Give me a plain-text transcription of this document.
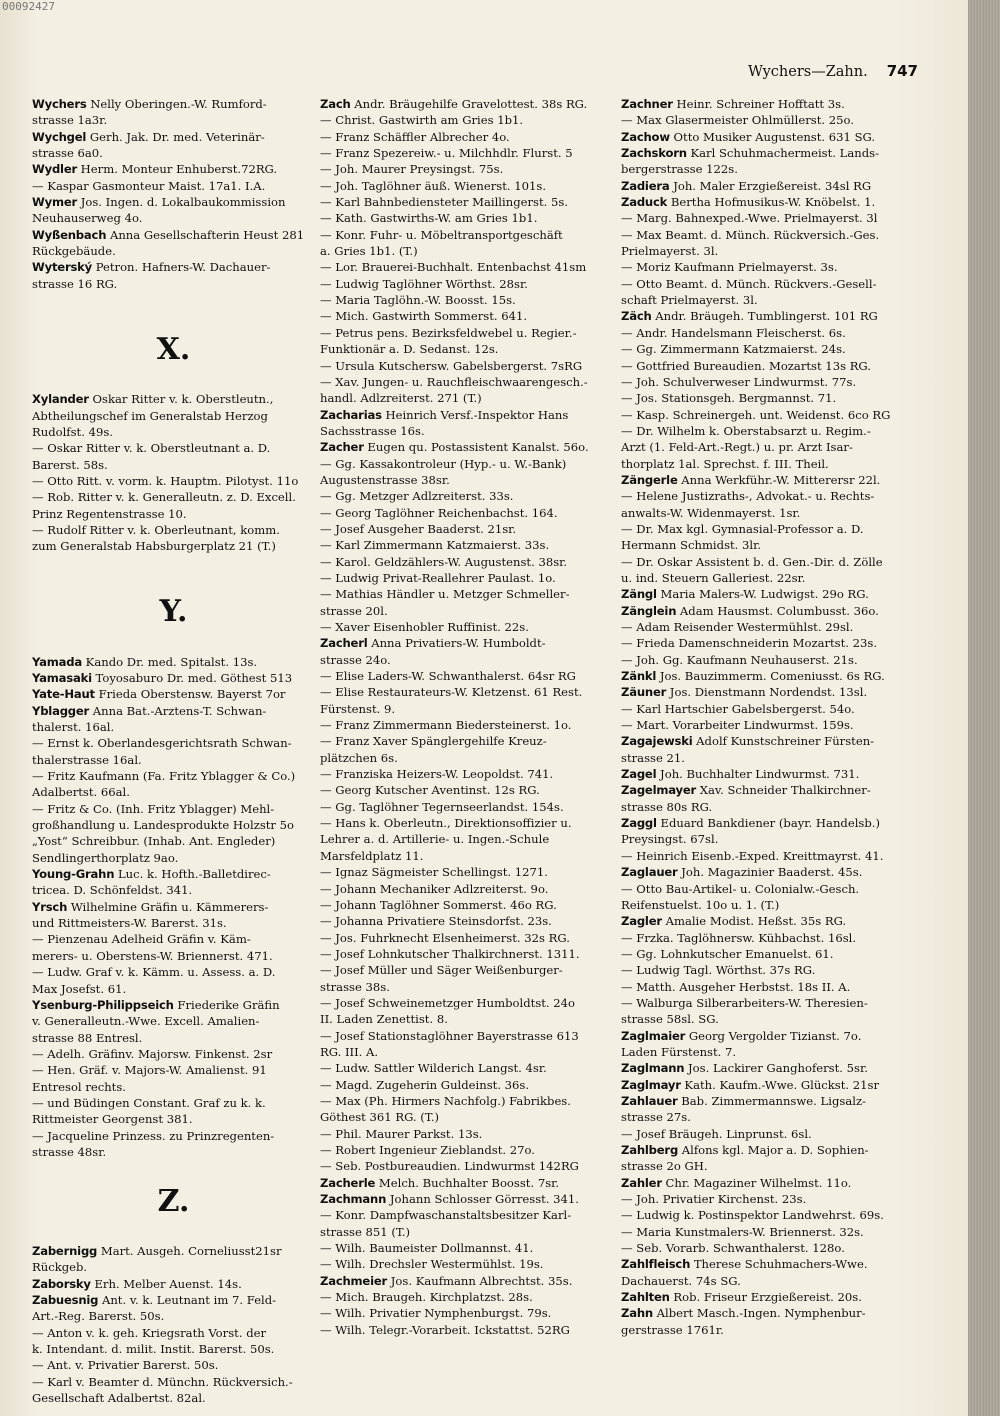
00092427
Wychers—Zahn. 747
Wychers Nelly Oberingen.-W. Rumford-
strasse 1a3r.
Wychgel Gerh. Jak. Dr. med. Veterinär-
strasse 6a0.
Wydler Herm. Monteur Enhuberst.72RG.
— Kaspar Gasmonteur Maist. 17a1. I.A.
Wymer Jos. Ingen. d. Lokalbaukommission
Neuhauserweg 4o.
Wyßenbach Anna Gesellschafterin Heust 281
Rückgebäude.
Wyterský Petron. Hafners-W. Dachauer-
strasse 16 RG.

X.

Xylander Oskar Ritter v. k. Oberstleutn.,
Abtheilungschef im Generalstab Herzog
Rudolfst. 49s.
— Oskar Ritter v. k. Oberstleutnant a. D.
Barerst. 58s.
— Otto Ritt. v. vorm. k. Hauptm. Pilotyst. 11o
— Rob. Ritter v. k. Generalleutn. z. D. Excell.
Prinz Regentenstrasse 10.
— Rudolf Ritter v. k. Oberleutnant, komm.
zum Generalstab Habsburgerplatz 21 (T.)

Y.

Yamada Kando Dr. med. Spitalst. 13s.
Yamasaki Toyosaburo Dr. med. Göthest 513
Yate-Haut Frieda Oberstensw. Bayerst 7or
Yblagger Anna Bat.-Arztens-T. Schwan-
thalerst. 16al.
— Ernst k. Oberlandesgerichtsrath Schwan-
thalerstrasse 16al.
— Fritz Kaufmann (Fa. Fritz Yblagger & Co.)
Adalbertst. 66al.
— Fritz & Co. (Inh. Fritz Yblagger) Mehl-
großhandlung u. Landesprodukte Holzstr 5o
„Yost“ Schreibbur. (Inhab. Ant. Engleder)
Sendlingerthorplatz 9ao.
Young-Grahn Luc. k. Hofth.-Balletdirec-
tricea. D. Schönfeldst. 341.
Yrsch Wilhelmine Gräfin u. Kämmerers-
und Rittmeisters-W. Barerst. 31s.
— Pienzenau Adelheid Gräfin v. Käm-
merers- u. Oberstens-W. Briennerst. 471.
— Ludw. Graf v. k. Kämm. u. Assess. a. D.
Max Josefst. 61.
Ysenburg-Philippseich Friederike Gräfin
v. Generalleutn.-Wwe. Excell. Amalien-
strasse 88 Entresl.
— Adelh. Gräfinv. Majorsw. Finkenst. 2sr
— Hen. Gräf. v. Majors-W. Amalienst. 91
Entresol rechts.
— und Büdingen Constant. Graf zu k. k.
Rittmeister Georgenst 381.
— Jacqueline Prinzess. zu Prinzregenten-
strasse 48sr.

Z.

Zabernigg Mart. Ausgeh. Corneliusst21sr
Rückgeb.
Zaborsky Erh. Melber Auenst. 14s.
Zabuesnig Ant. v. k. Leutnant im 7. Feld-
Art.-Reg. Barerst. 50s.
— Anton v. k. geh. Kriegsrath Vorst. der
k. Intendant. d. milit. Instit. Barerst. 50s.
— Ant. v. Privatier Barerst. 50s.
— Karl v. Beamter d. Münchn. Rückversich.-
Gesellschaft Adalbertst. 82al.
Zach Andr. Bräugehilfe Gravelottest. 38s RG.
— Christ. Gastwirth am Gries 1b1.
— Franz Schäffler Albrecher 4o.
— Franz Spezereiw.- u. Milchhdlr. Flurst. 5
— Joh. Maurer Preysingst. 75s.
— Joh. Taglöhner äuß. Wienerst. 101s.
— Karl Bahnbediensteter Maillingerst. 5s.
— Kath. Gastwirths-W. am Gries 1b1.
— Konr. Fuhr- u. Möbeltransportgeschäft
a. Gries 1b1. (T.)
— Lor. Brauerei-Buchhalt. Entenbachst 41sm
— Ludwig Taglöhner Wörthst. 28sr.
— Maria Taglöhn.-W. Boosst. 15s.
— Mich. Gastwirth Sommerst. 641.
— Petrus pens. Bezirksfeldwebel u. Regier.-
Funktionär a. D. Sedanst. 12s.
— Ursula Kutschersw. Gabelsbergerst. 7sRG
— Xav. Jungen- u. Rauchfleischwaarengesch.-
handl. Adlzreiterst. 271 (T.)
Zacharias Heinrich Versf.-Inspektor Hans
Sachsstrasse 16s.
Zacher Eugen qu. Postassistent Kanalst. 56o.
— Gg. Kassakontroleur (Hyp.- u. W.-Bank)
Augustenstrasse 38sr.
— Gg. Metzger Adlzreiterst. 33s.
— Georg Taglöhner Reichenbachst. 164.
— Josef Ausgeher Baaderst. 21sr.
— Karl Zimmermann Katzmaierst. 33s.
— Karol. Geldzählers-W. Augustenst. 38sr.
— Ludwig Privat-Reallehrer Paulast. 1o.
— Mathias Händler u. Metzger Schmeller-
strasse 20l.
— Xaver Eisenhobler Ruffinist. 22s.
Zacherl Anna Privatiers-W. Humboldt-
strasse 24o.
— Elise Laders-W. Schwanthalerst. 64sr RG
— Elise Restaurateurs-W. Kletzenst. 61 Rest.
Fürstenst. 9.
— Franz Zimmermann Biedersteinerst. 1o.
— Franz Xaver Spänglergehilfe Kreuz-
plätzchen 6s.
— Franziska Heizers-W. Leopoldst. 741.
— Georg Kutscher Aventinst. 12s RG.
— Gg. Taglöhner Tegernseerlandst. 154s.
— Hans k. Oberleutn., Direktionsoffizier u.
Lehrer a. d. Artillerie- u. Ingen.-Schule
Marsfeldplatz 11.
— Ignaz Sägmeister Schellingst. 1271.
— Johann Mechaniker Adlzreiterst. 9o.
— Johann Taglöhner Sommerst. 46o RG.
— Johanna Privatiere Steinsdorfst. 23s.
— Jos. Fuhrknecht Elsenheimerst. 32s RG.
— Josef Lohnkutscher Thalkirchnerst. 1311.
— Josef Müller und Säger Weißenburger-
strasse 38s.
— Josef Schweinemetzger Humboldtst. 24o
II. Laden Zenettist. 8.
— Josef Stationstaglöhner Bayerstrasse 613
RG. III. A.
— Ludw. Sattler Wilderich Langst. 4sr.
— Magd. Zugeherin Guldeinst. 36s.
— Max (Ph. Hirmers Nachfolg.) Fabrikbes.
Göthest 361 RG. (T.)
— Phil. Maurer Parkst. 13s.
— Robert Ingenieur Zieblandst. 27o.
— Seb. Postbureaudien. Lindwurmst 142RG
Zacherle Melch. Buchhalter Boosst. 7sr.
Zachmann Johann Schlosser Görresst. 341.
— Konr. Dampfwaschanstaltsbesitzer Karl-
strasse 851 (T.)
— Wilh. Baumeister Dollmannst. 41.
— Wilh. Drechsler Westermühlst. 19s.
Zachmeier Jos. Kaufmann Albrechtst. 35s.
— Mich. Braugeh. Kirchplatzst. 28s.
— Wilh. Privatier Nymphenburgst. 79s.
— Wilh. Telegr.-Vorarbeit. Ickstattst. 52RG
Zachner Heinr. Schreiner Hofftatt 3s.
— Max Glasermeister Ohlmüllerst. 25o.
Zachow Otto Musiker Augustenst. 631 SG.
Zachskorn Karl Schuhmachermeist. Lands-
bergerstrasse 122s.
Zadiera Joh. Maler Erzgießereist. 34sl RG
Zaduck Bertha Hofmusikus-W. Knöbelst. 1.
— Marg. Bahnexped.-Wwe. Prielmayerst. 3l
— Max Beamt. d. Münch. Rückversich.-Ges.
Prielmayerst. 3l.
— Moriz Kaufmann Prielmayerst. 3s.
— Otto Beamt. d. Münch. Rückvers.-Gesell-
schaft Prielmayerst. 3l.
Zäch Andr. Bräugeh. Tumblingerst. 101 RG
— Andr. Handelsmann Fleischerst. 6s.
— Gg. Zimmermann Katzmaierst. 24s.
— Gottfried Bureaudien. Mozartst 13s RG.
— Joh. Schulverweser Lindwurmst. 77s.
— Jos. Stationsgeh. Bergmannst. 71.
— Kasp. Schreinergeh. unt. Weidenst. 6co RG
— Dr. Wilhelm k. Oberstabsarzt u. Regim.-
Arzt (1. Feld-Art.-Regt.) u. pr. Arzt Isar-
thorplatz 1al. Sprechst. f. III. Theil.
Zängerle Anna Werkführ.-W. Mitterersr 22l.
— Helene Justizraths-, Advokat.- u. Rechts-
anwalts-W. Widenmayerst. 1sr.
— Dr. Max kgl. Gymnasial-Professor a. D.
Hermann Schmidst. 3lr.
— Dr. Oskar Assistent b. d. Gen.-Dir. d. Zölle
u. ind. Steuern Galleriest. 22sr.
Zängl Maria Malers-W. Ludwigst. 29o RG.
Zänglein Adam Hausmst. Columbusst. 36o.
— Adam Reisender Westermühlst. 29sl.
— Frieda Damenschneiderin Mozartst. 23s.
— Joh. Gg. Kaufmann Neuhauserst. 21s.
Zänkl Jos. Bauzimmerm. Comeniusst. 6s RG.
Zäuner Jos. Dienstmann Nordendst. 13sl.
— Karl Hartschier Gabelsbergerst. 54o.
— Mart. Vorarbeiter Lindwurmst. 159s.
Zagajewski Adolf Kunstschreiner Fürsten-
strasse 21.
Zagel Joh. Buchhalter Lindwurmst. 731.
Zagelmayer Xav. Schneider Thalkirchner-
strasse 80s RG.
Zaggl Eduard Bankdiener (bayr. Handelsb.)
Preysingst. 67sl.
— Heinrich Eisenb.-Exped. Kreittmayrst. 41.
Zaglauer Joh. Magazinier Baaderst. 45s.
— Otto Bau-Artikel- u. Colonialw.-Gesch.
Reifenstuelst. 10o u. 1. (T.)
Zagler Amalie Modist. Heßst. 35s RG.
— Frzka. Taglöhnersw. Kühbachst. 16sl.
— Gg. Lohnkutscher Emanuelst. 61.
— Ludwig Tagl. Wörthst. 37s RG.
— Matth. Ausgeher Herbstst. 18s II. A.
— Walburga Silberarbeiters-W. Theresien-
strasse 58sl. SG.
Zaglmaier Georg Vergolder Tizianst. 7o.
Laden Fürstenst. 7.
Zaglmann Jos. Lackirer Ganghoferst. 5sr.
Zaglmayr Kath. Kaufm.-Wwe. Glückst. 21sr
Zahlauer Bab. Zimmermannswe. Ligsalz-
strasse 27s.
— Josef Bräugeh. Linprunst. 6sl.
Zahlberg Alfons kgl. Major a. D. Sophien-
strasse 2o GH.
Zahler Chr. Magaziner Wilhelmst. 11o.
— Joh. Privatier Kirchenst. 23s.
— Ludwig k. Postinspektor Landwehrst. 69s.
— Maria Kunstmalers-W. Briennerst. 32s.
— Seb. Vorarb. Schwanthalerst. 128o.
Zahlfleisch Therese Schuhmachers-Wwe.
Dachauerst. 74s SG.
Zahlten Rob. Friseur Erzgießereist. 20s.
Zahn Albert Masch.-Ingen. Nymphenbur-
gerstrasse 1761r.
